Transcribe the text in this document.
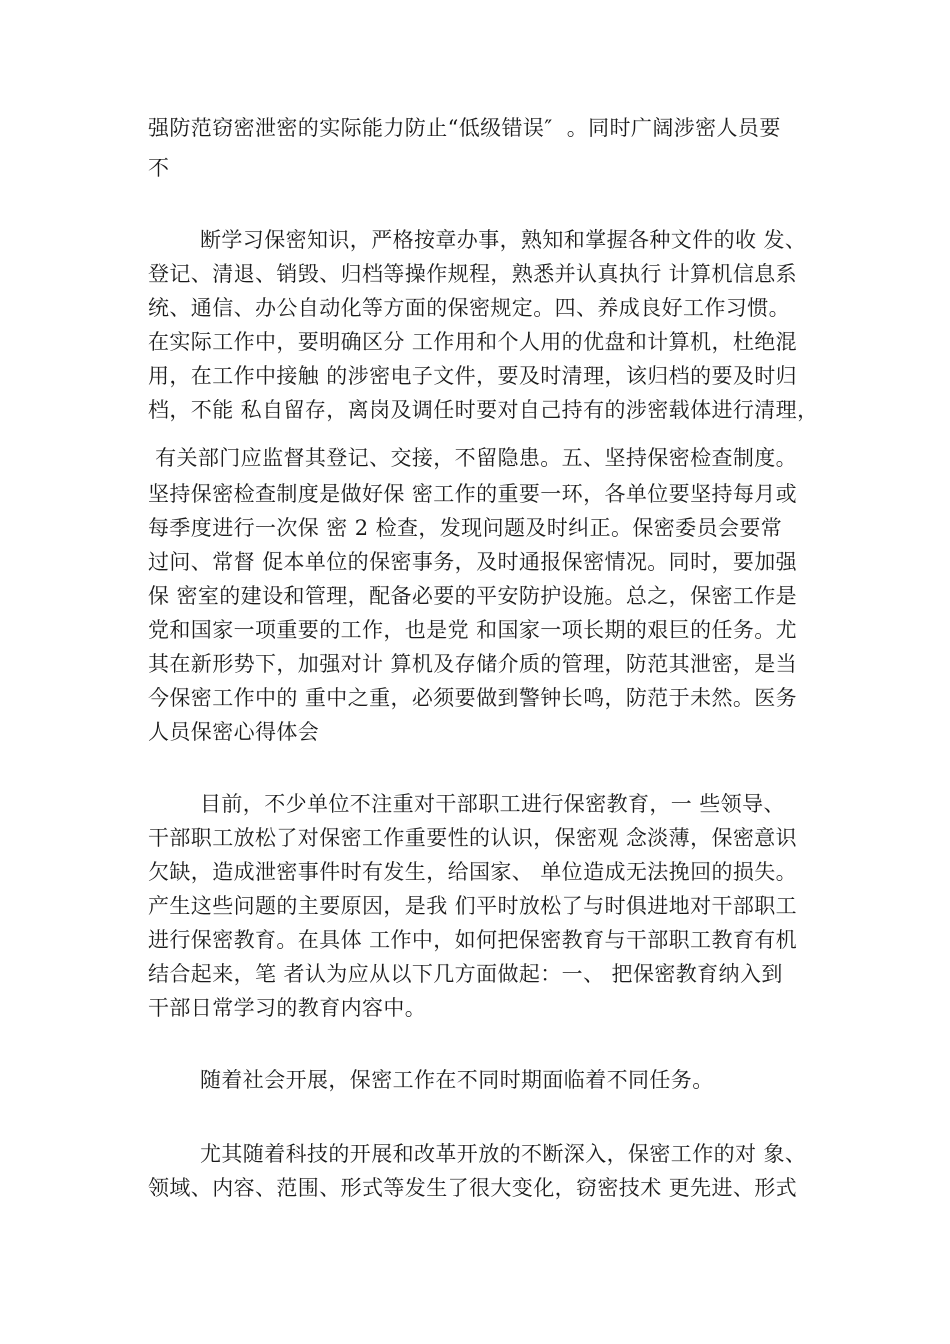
强防范窃密泄密的实际能力防止“低级错误″  。同时广阔涉密人员要
不
断学习保密知识，严格按章办事，熟知和掌握各种文件的收 发、
登记、清退、销毁、归档等操作规程，熟悉并认真执行 计算机信息系
统、通信、办公自动化等方面的保密规定。四、养成良好工作习惯。
在实际工作中，要明确区分 工作用和个人用的优盘和计算机，杜绝混
用，在工作中接触 的涉密电子文件，要及时清理，该归档的要及时归
档，不能 私自留存，离岗及调任时要对自己持有的涉密载体进行清理，
有关部门应监督其登记、交接，不留隐患。五、坚持保密检查制度。
坚持保密检查制度是做好保 密工作的重要一环，各单位要坚持每月或
每季度进行一次保 密 2 检查，发现问题及时纠正。保密委员会要常
过问、常督 促本单位的保密事务，及时通报保密情况。同时，要加强
保 密室的建设和管理，配备必要的平安防护设施。总之，保密工作是
党和国家一项重要的工作，也是党 和国家一项长期的艰巨的任务。尤
其在新形势下，加强对计 算机及存储介质的管理，防范其泄密，是当
今保密工作中的 重中之重，必须要做到警钟长鸣，防范于未然。医务
人员保密心得体会
目前，不少单位不注重对干部职工进行保密教育，一 些领导、
干部职工放松了对保密工作重要性的认识，保密观 念淡薄，保密意识
欠缺，造成泄密事件时有发生，给国家、 单位造成无法挽回的损失。
产生这些问题的主要原因，是我 们平时放松了与时俱进地对干部职工
进行保密教育。在具体 工作中，如何把保密教育与干部职工教育有机
结合起来，笔 者认为应从以下几方面做起：一、 把保密教育纳入到
干部日常学习的教育内容中。
随着社会开展，保密工作在不同时期面临着不同任务。
尤其随着科技的开展和改革开放的不断深入，保密工作的对 象、
领域、内容、范围、形式等发生了很大变化，窃密技术 更先进、形式
